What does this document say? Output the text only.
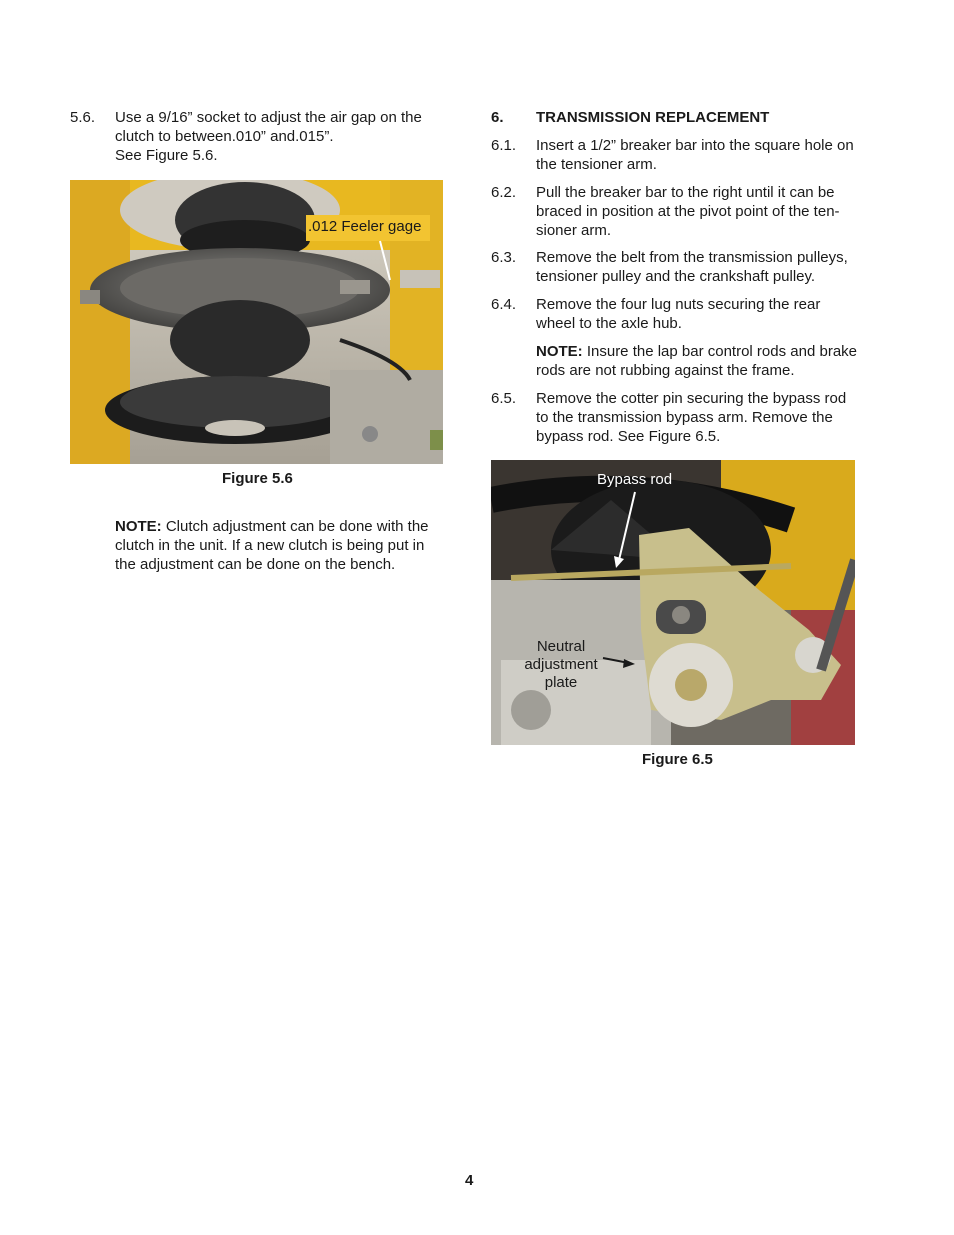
5.6. Use a 9/16” socket to adjust the air gap on the
clutch to between.010” and.015”.
See Figure 5.6.
.012 Feeler gage
Figure 5.6
NOTE: Clutch adjustment can be done with the
clutch in the unit. If a new clutch is being put in
the adjustment can be done on the bench.
6. TRANSMISSION REPLACEMENT
6.1. Insert a 1/2” breaker bar into the square hole on
the tensioner arm.
6.2. Pull the breaker bar to the right until it can be
braced in position at the pivot point of the ten-
sioner arm.
6.3. Remove the belt from the transmission pulleys,
tensioner pulley and the crankshaft pulley.
6.4. Remove the four lug nuts securing the rear
wheel to the axle hub.
NOTE: Insure the lap bar control rods and brake
rods are not rubbing against the frame.
6.5. Remove the cotter pin securing the bypass rod
to the transmission bypass arm. Remove the
bypass rod. See Figure 6.5.
Bypass rod
Neutral
adjustment
plate
Figure 6.5
4
